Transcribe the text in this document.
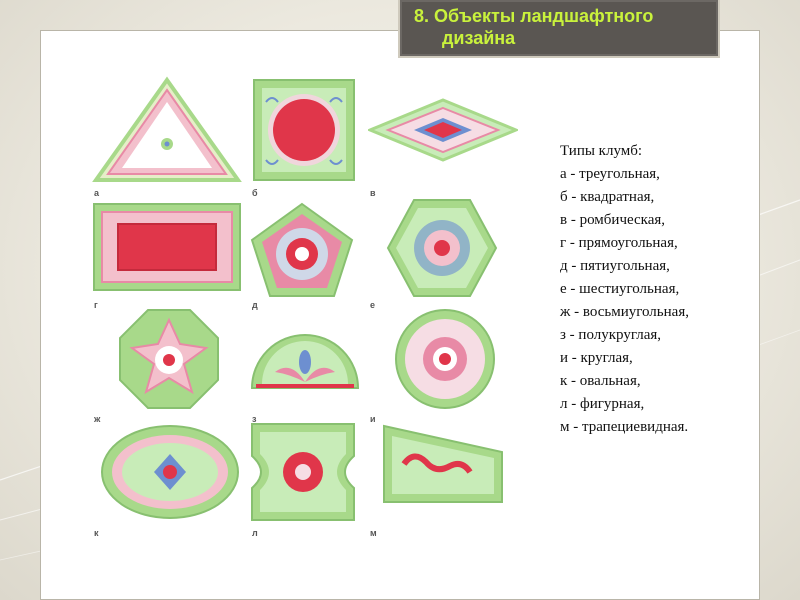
8. Объекты ландшафтного
дизайна
а	б	в
г	д	е
ж	з	и
к	л	м
Типы клумб:
а - треугольная,
б - квадратная,
в - ромбическая,
г - прямоугольная,
д - пятиугольная,
е - шестиугольная,
ж - восьмиугольная,
з - полукруглая,
и - круглая,
к - овальная,
л - фигурная,
м - трапециевидная.
